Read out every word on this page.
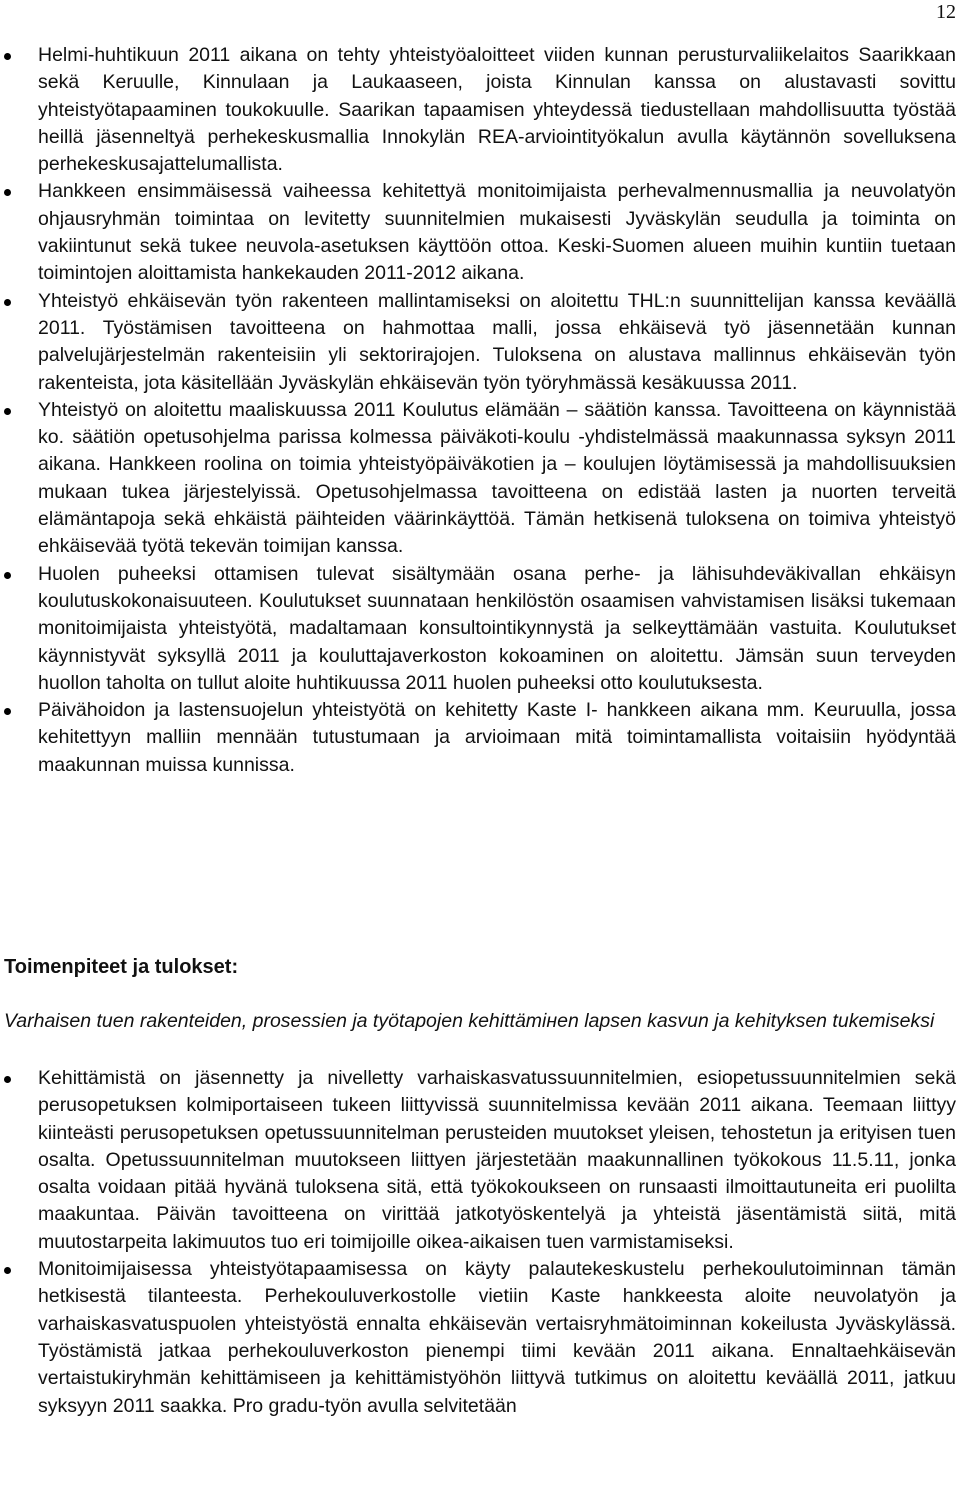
12
Helmi-huhtikuun 2011 aikana on tehty yhteistyöaloitteet viiden kunnan perusturvaliikelaitos Saarikkaan sekä Keruulle, Kinnulaan ja Laukaaseen, joista Kinnulan kanssa on alustavasti sovittu yhteistyötapaaminen toukokuulle. Saarikan tapaamisen yhteydessä tiedustellaan mahdollisuutta työstää heillä jäsenneltyä perhekeskusmallia Innokylän REA-arviointityökalun avulla käytännön sovelluksena perhekeskusajattelumallista.
Hankkeen ensimmäisessä vaiheessa kehitettyä monitoimijaista perhevalmennusmallia ja neuvolatyön ohjausryhmän toimintaa on levitetty suunnitelmien mukaisesti Jyväskylän seudulla ja toiminta on vakiintunut sekä tukee neuvola-asetuksen käyttöön ottoa. Keski-Suomen alueen muihin kuntiin tuetaan toimintojen aloittamista hankekauden 2011-2012 aikana.
Yhteistyö ehkäisevän työn rakenteen mallintamiseksi on aloitettu THL:n suunnittelijan kanssa keväällä 2011. Työstämisen tavoitteena on hahmottaa malli, jossa ehkäisevä työ jäsennetään kunnan palvelujärjestelmän rakenteisiin yli sektorirajojen. Tuloksena on alustava mallinnus ehkäisevän työn rakenteista, jota käsitellään Jyväskylän ehkäisevän työn työryhmässä kesäkuussa 2011.
Yhteistyö on aloitettu maaliskuussa 2011 Koulutus elämään – säätiön kanssa. Tavoitteena on käynnistää ko. säätiön opetusohjelma parissa kolmessa päiväkoti-koulu -yhdistelmässä maakunnassa syksyn 2011 aikana. Hankkeen roolina on toimia yhteistyöpäiväkotien ja – koulujen löytämisessä ja mahdollisuuksien mukaan tukea järjestelyissä. Opetusohjelmassa tavoitteena on edistää lasten ja nuorten terveitä elämäntapoja sekä ehkäistä päihteiden väärinkäyttöä. Tämän hetkisenä tuloksena on toimiva yhteistyö ehkäisevää työtä tekevän toimijan kanssa.
Huolen puheeksi ottamisen tulevat sisältymään osana perhe- ja lähisuhdeväkivallan ehkäisyn koulutuskokonaisuuteen. Koulutukset suunnataan henkilöstön osaamisen vahvistamisen lisäksi tukemaan monitoimijaista yhteistyötä, madaltamaan konsultointikynnystä ja selkeyttämään vastuita. Koulutukset käynnistyvät syksyllä 2011 ja kouluttajaverkoston kokoaminen on aloitettu. Jämsän suun terveyden huollon taholta on tullut aloite huhtikuussa 2011 huolen puheeksi otto koulutuksesta.
Päivähoidon ja lastensuojelun yhteistyötä on kehitetty Kaste I- hankkeen aikana mm. Keuruulla, jossa kehitettyyn malliin mennään tutustumaan ja arvioimaan mitä toimintamallista voitaisiin hyödyntää maakunnan muissa kunnissa.
Toimenpiteet ja tulokset:

Varhaisen tuen rakenteiden, prosessien ja työtapojen kehittämінen lapsen kasvun ja kehityksen tukemiseksi

Kehittämistä on jäsennetty ja nivelletty varhaiskasvatussuunnitelmien, esiopetussuunnitelmien sekä perusopetuksen kolmiportaiseen tukeen liittyvissä suunnitelmissa kevään 2011 aikana. Teemaan liittyy kiinteästi perusopetuksen opetussuunnitelman perusteiden muutokset yleisen, tehostetun ja erityisen tuen osalta. Opetussuunnitelman muutokseen liittyen järjestetään maakunnallinen työkokous 11.5.11, jonka osalta voidaan pitää hyvänä tuloksena sitä, että työkokoukseen on runsaasti ilmoittautuneita eri puolilta maakuntaa. Päivän tavoitteena on virittää jatkotyöskentelyä ja yhteistä jäsentämistä siitä, mitä muutostarpeita lakimuutos tuo eri toimijoille oikea-aikaisen tuen varmistamiseksi.
Monitoimijaisessa yhteistyötapaamisessa on käyty palautekeskustelu perhekoulutoiminnan tämän hetkisestä tilanteesta. Perhekouluverkostolle vietiin Kaste hankkeesta aloite neuvolatyön ja varhaiskasvatuspuolen yhteistyöstä ennalta ehkäisevän vertaisryhmätoiminnan kokeilusta Jyväskylässä. Työstämistä jatkaa perhekouluverkoston pienempi tiimi kevään 2011 aikana. Ennaltaehkäisevän vertaistukiryhmän kehittämiseen ja kehittämistyöhön liittyvä tutkimus on aloitettu keväällä 2011, jatkuu syksyyn 2011 saakka. Pro gradu-työn avulla selvitetään
